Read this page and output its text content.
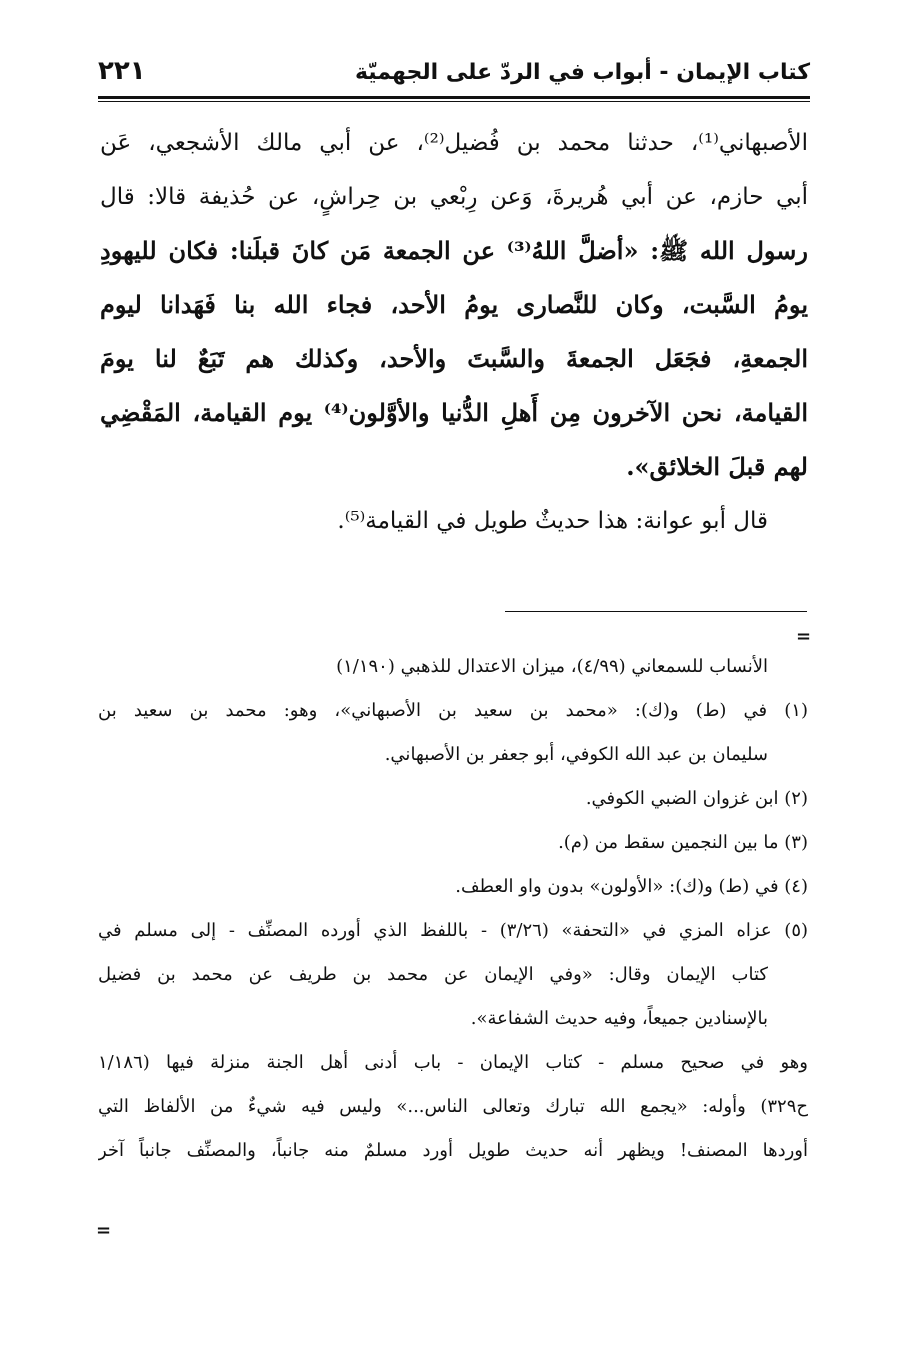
كتاب الإيمان - أبواب في الردّ على الجهميّة
٢٢١
الأصبهاني⁽¹⁾، حدثنا محمد بن فُضيل⁽²⁾، عن أبي مالك الأشجعي، عَن
أبي حازم، عن أبي هُريرةَ، وَعن رِبْعي بن حِراشٍ، عن حُذيفة قالا: قال
رسول الله ﷺ: «أضلَّ اللهُ⁽³⁾ عن الجمعة مَن كانَ قبلَنا: فكان لليهودِ
يومُ السَّبت، وكان للنَّصارى يومُ الأحد، فجاء الله بنا فَهَدانا ليوم
الجمعةِ، فجَعَل الجمعةَ والسَّبتَ والأحد، وكذلك هم تَبَعٌ لنا يومَ
القيامة، نحن الآخرون مِن أَهلِ الدُّنيا والأوَّلون⁽⁴⁾ يوم القيامة، المَقْضِي
لهم قبلَ الخلائق».
قال أبو عوانة: هذا حديثٌ طويل في القيامة⁽⁵⁾.
=
الأنساب للسمعاني (٤/٩٩)، ميزان الاعتدال للذهبي (١/١٩٠)
(١) في (ط) و(ك): «محمد بن سعيد بن الأصبهاني»، وهو: محمد بن سعيد بن
سليمان بن عبد الله الكوفي، أبو جعفر بن الأصبهاني.
(٢) ابن غزوان الضبي الكوفي.
(٣) ما بين النجمين سقط من (م).
(٤) في (ط) و(ك): «الأولون» بدون واو العطف.
(٥) عزاه المزي في «التحفة» (٣/٢٦) - باللفظ الذي أورده المصنِّف - إلى مسلم في
كتاب الإيمان وقال: «وفي الإيمان عن محمد بن طريف عن محمد بن فضيل
بالإسنادين جميعاً، وفيه حديث الشفاعة».
وهو في صحيح مسلم - كتاب الإيمان - باب أدنى أهل الجنة منزلة فيها (١/١٨٦
ح٣٢٩) وأوله: «يجمع الله تبارك وتعالى الناس...» وليس فيه شيءٌ من الألفاظ التي
أوردها المصنف! ويظهر أنه حديث طويل أورد مسلمٌ منه جانباً، والمصنِّف جانباً آخر
=
